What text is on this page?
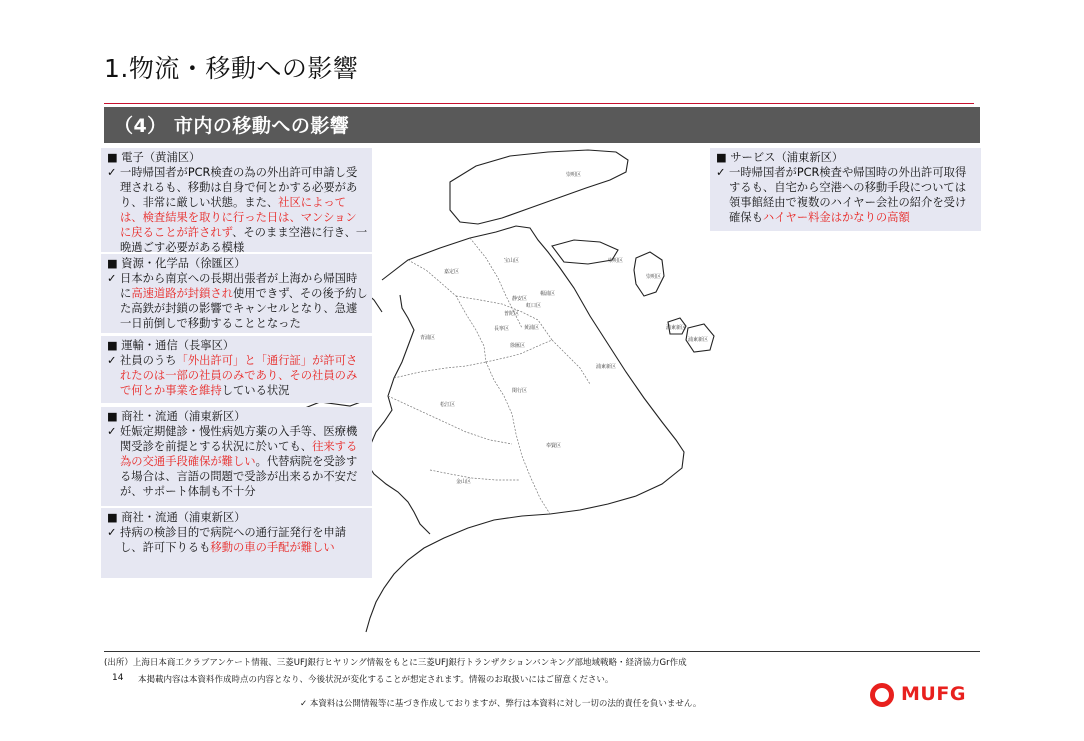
1.物流・移動への影響
（4） 市内の移動への影響
崇明区
宝山区
嘉定区
崇明区
崇明区
静安区
楊浦区
虹口区
普陀区
長寧区	黄浦区
青浦区
徐匯区
閔行区
浦東新区
松江区
奉賢区
金山区
浦東新区
浦東新区
■ 電子（黄浦区）
✓ 一時帰国者がPCR検査の為の外出許可申請し受理されるも、移動は自身で何とかする必要があり、非常に厳しい状態。また、社区によっては、検査結果を取りに行った日は、マンションに戻ることが許されず、そのまま空港に行き、一晩過ごす必要がある模様
■ 資源・化学品（徐匯区）
✓ 日本から南京への長期出張者が上海から帰国時に高速道路が封鎖され使用できず、その後予約した高鉄が封鎖の影響でキャンセルとなり、急遽一日前倒しで移動することとなった
■ 運輸・通信（長寧区）
✓ 社員のうち「外出許可」と「通行証」が許可されたのは一部の社員のみであり、その社員のみで何とか事業を維持している状況
■ 商社・流通（浦東新区）
✓ 妊娠定期健診・慢性病処方薬の入手等、医療機関受診を前提とする状況に於いても、往来する為の交通手段確保が難しい。代替病院を受診する場合は、言語の問題で受診が出来るか不安だが、サポート体制も不十分
■ 商社・流通（浦東新区）
✓ 持病の検診目的で病院への通行証発行を申請し、許可下りるも移動の車の手配が難しい
■ サービス（浦東新区）
✓ 一時帰国者がPCR検査や帰国時の外出許可取得するも、自宅から空港への移動手段については領事館経由で複数のハイヤー会社の紹介を受け確保もハイヤー料金はかなりの高額
(出所）上海日本商工クラブアンケート情報、三菱UFJ銀行ヒヤリング情報をもとに三菱UFJ銀行トランザクションバンキング部地域戦略・経済協力Gr作成
14 本掲載内容は本資料作成時点の内容となり、今後状況が変化することが想定されます。情報のお取扱いにはご留意ください。
✓ 本資料は公開情報等に基づき作成しておりますが、弊行は本資料に対し一切の法的責任を負いません。	MUFG
